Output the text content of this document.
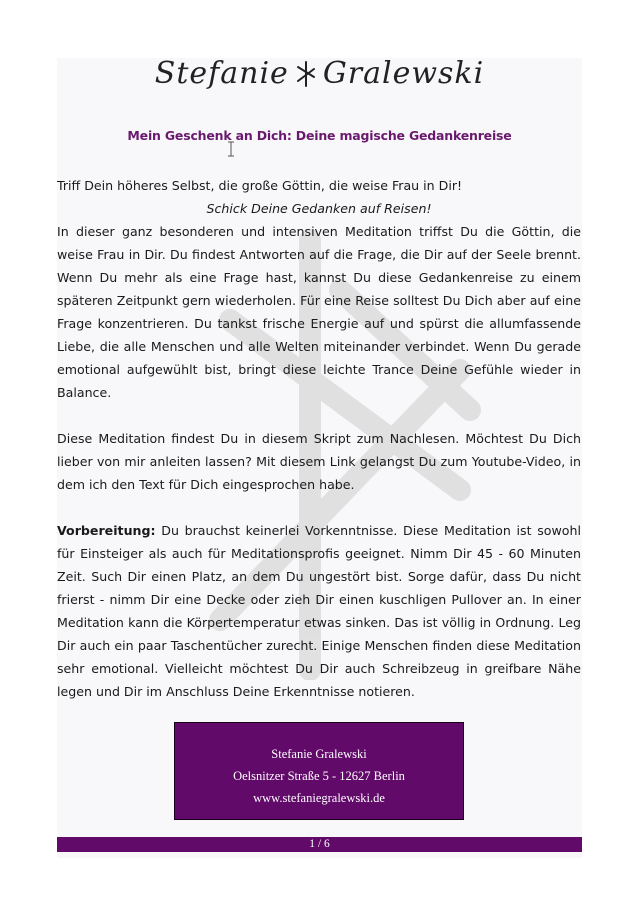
Stefanie Gralewski
Mein Geschenk an Dich: Deine magische Gedankenreise

Triff Dein höheres Selbst, die große Göttin, die weise Frau in Dir!

Schick Deine Gedanken auf Reisen!

In dieser ganz besonderen und intensiven Meditation triffst Du die Göttin, die weise Frau in Dir. Du findest Antworten auf die Frage, die Dir auf der Seele brennt. Wenn Du mehr als eine Frage hast, kannst Du diese Gedankenreise zu einem späteren Zeitpunkt gern wiederholen. Für eine Reise solltest Du Dich aber auf eine Frage konzentrieren. Du tankst frische Energie auf und spürst die allumfassende Liebe, die alle Menschen und alle Welten miteinander verbindet. Wenn Du gerade emotional aufgewühlt bist, bringt diese leichte Trance Deine Gefühle wieder in Balance.

Diese Meditation findest Du in diesem Skript zum Nachlesen. Möchtest Du Dich lieber von mir anleiten lassen? Mit diesem Link gelangst Du zum Youtube-Video, in dem ich den Text für Dich eingesprochen habe.

Vorbereitung: Du brauchst keinerlei Vorkenntnisse. Diese Meditation ist sowohl für Einsteiger als auch für Meditationsprofis geeignet. Nimm Dir 45 - 60 Minuten Zeit. Such Dir einen Platz, an dem Du ungestört bist. Sorge dafür, dass Du nicht frierst - nimm Dir eine Decke oder zieh Dir einen kuschligen Pullover an. In einer Meditation kann die Körpertemperatur etwas sinken. Das ist völlig in Ordnung. Leg Dir auch ein paar Taschentücher zurecht. Einige Menschen finden diese Meditation sehr emotional. Vielleicht möchtest Du Dir auch Schreibzeug in greifbare Nähe legen und Dir im Anschluss Deine Erkenntnisse notieren.

Stefanie Gralewski
Oelsnitzer Straße 5 - 12627 Berlin
www.stefaniegralewski.de
1 / 6
